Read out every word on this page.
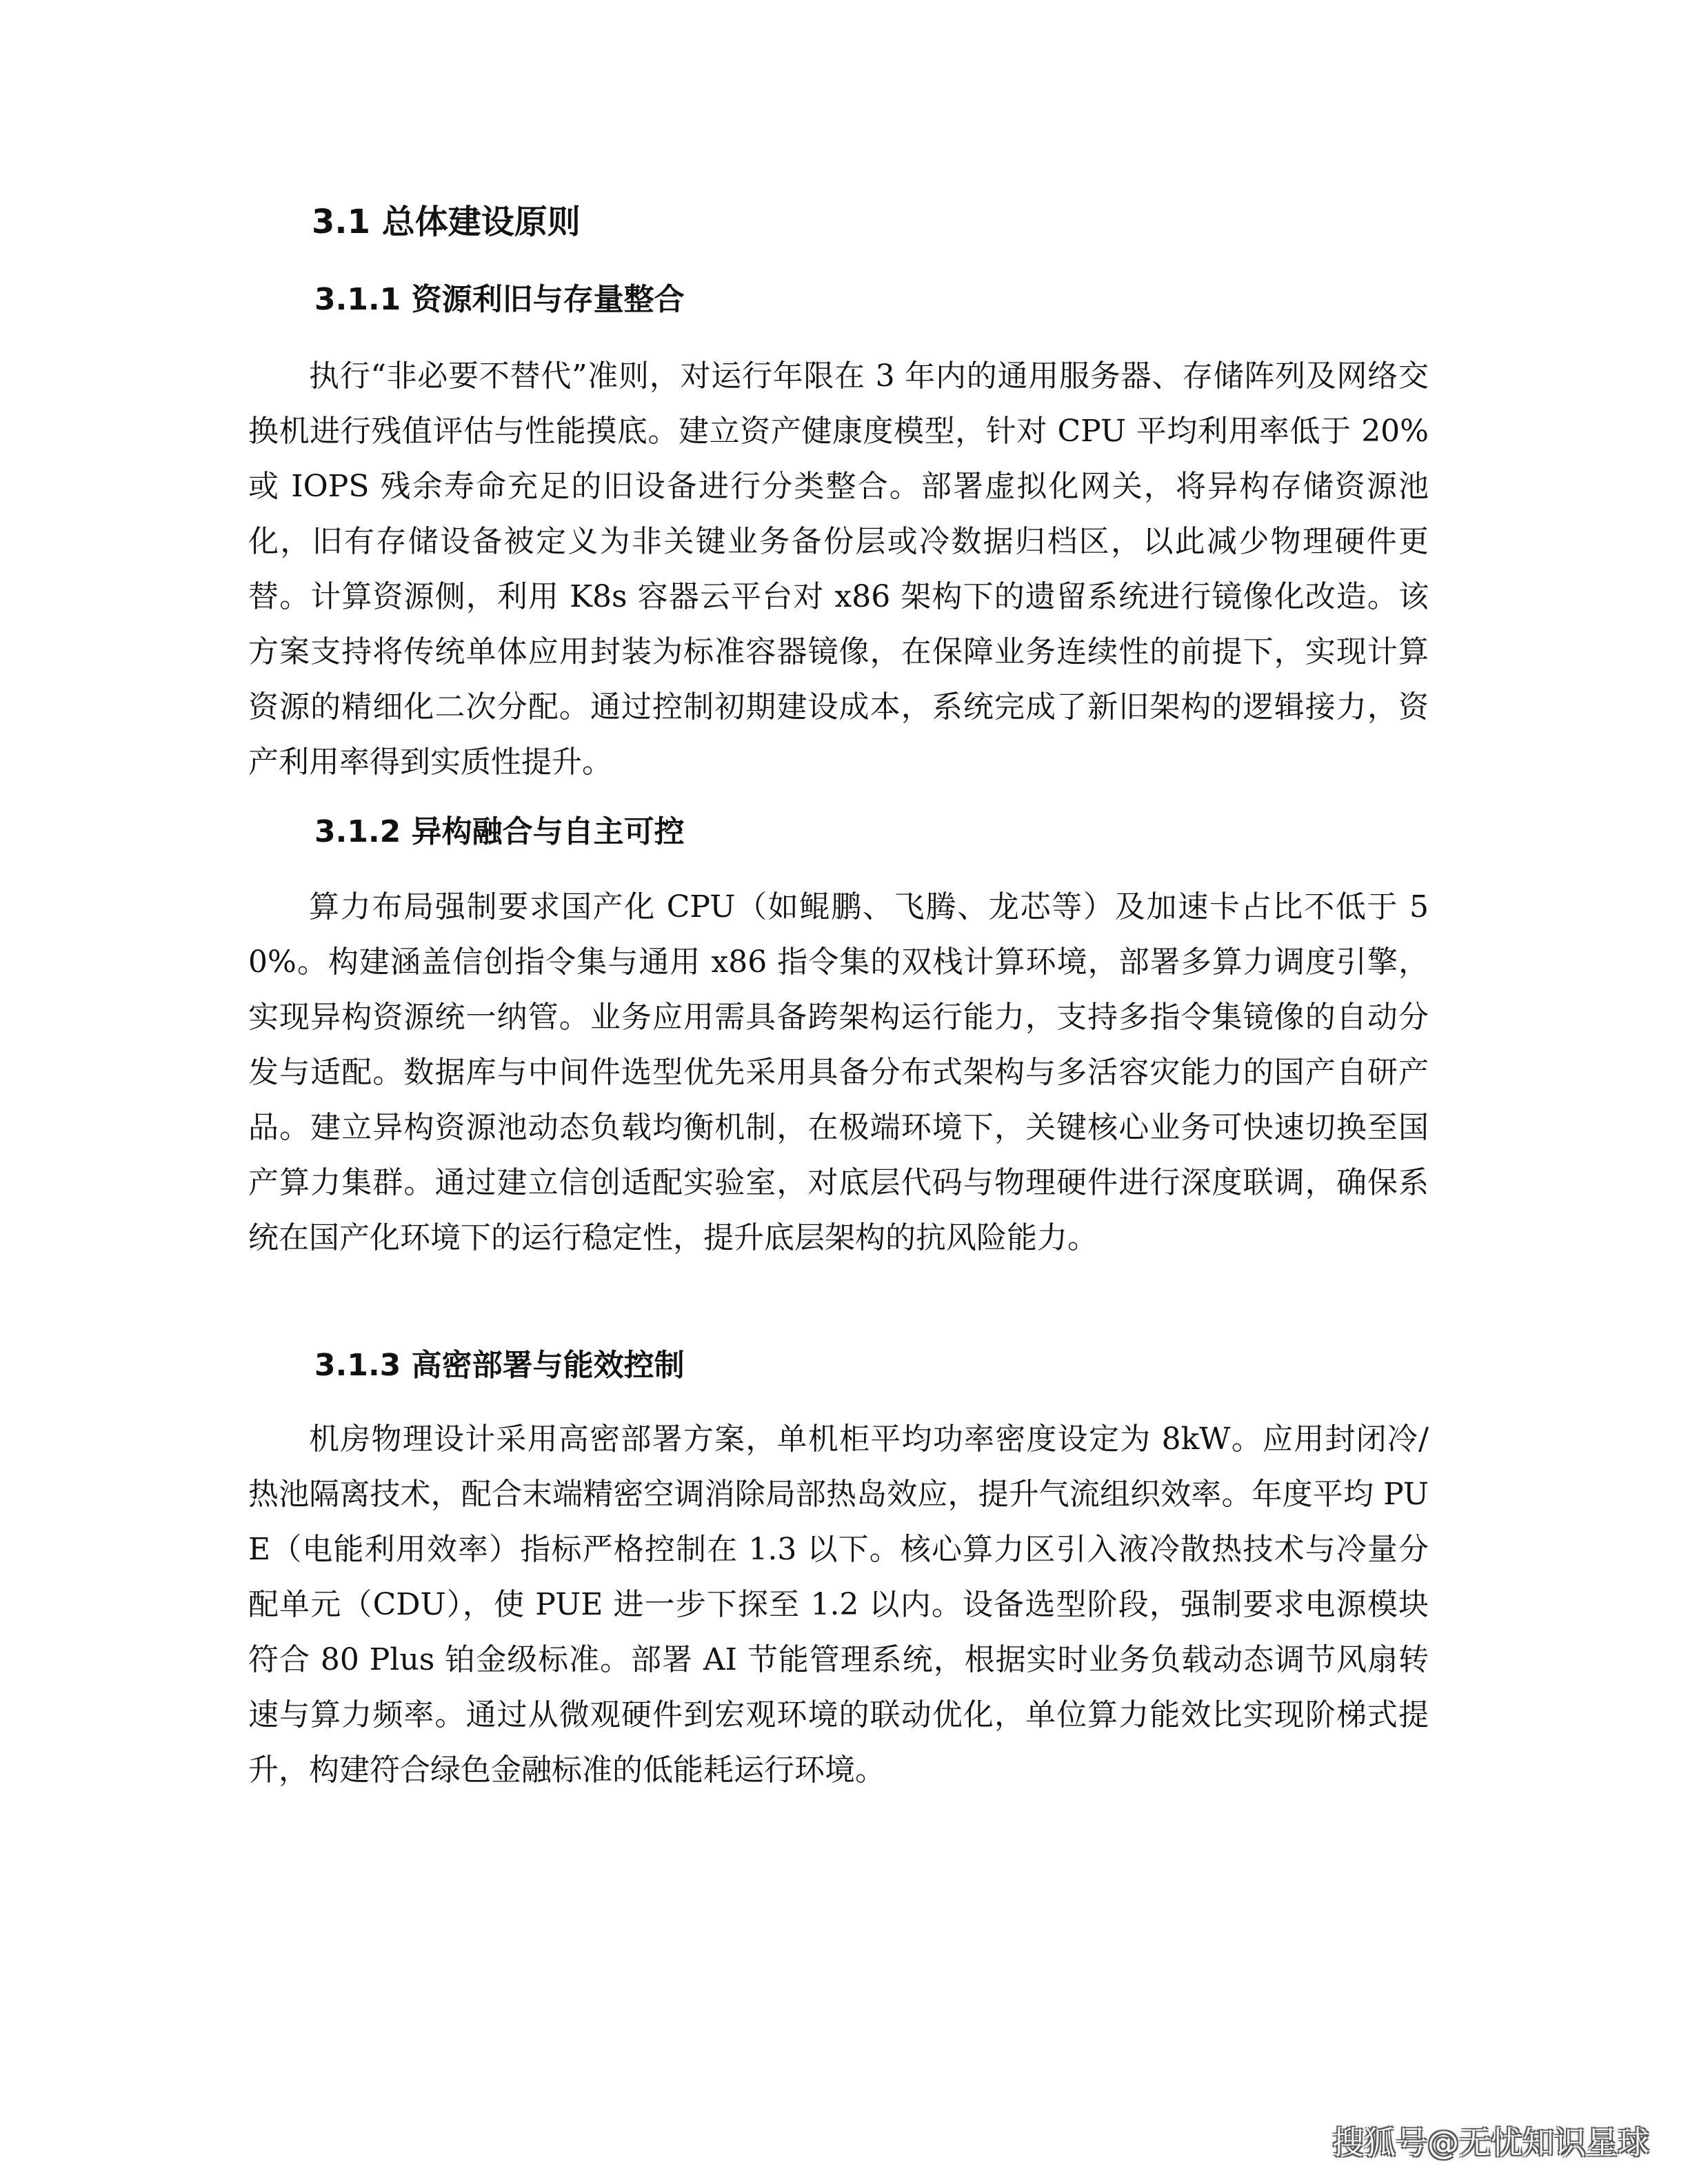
3.1 总体建设原则
3.1.1 资源利旧与存量整合

执行“非必要不替代”准则，对运行年限在 3 年内的通用服务器、存储阵列及网络交换机进行残值评估与性能摸底。建立资产健康度模型，针对 CPU 平均利用率低于 20%或 IOPS 残余寿命充足的旧设备进行分类整合。部署虚拟化网关，将异构存储资源池化，旧有存储设备被定义为非关键业务备份层或冷数据归档区，以此减少物理硬件更替。计算资源侧，利用 K8s 容器云平台对 x86 架构下的遗留系统进行镜像化改造。该方案支持将传统单体应用封装为标准容器镜像，在保障业务连续性的前提下，实现计算资源的精细化二次分配。通过控制初期建设成本，系统完成了新旧架构的逻辑接力，资产利用率得到实质性提升。

3.1.2 异构融合与自主可控

算力布局强制要求国产化 CPU（如鲲鹏、飞腾、龙芯等）及加速卡占比不低于 50%。构建涵盖信创指令集与通用 x86 指令集的双栈计算环境，部署多算力调度引擎，实现异构资源统一纳管。业务应用需具备跨架构运行能力，支持多指令集镜像的自动分发与适配。数据库与中间件选型优先采用具备分布式架构与多活容灾能力的国产自研产品。建立异构资源池动态负载均衡机制，在极端环境下，关键核心业务可快速切换至国产算力集群。通过建立信创适配实验室，对底层代码与物理硬件进行深度联调，确保系统在国产化环境下的运行稳定性，提升底层架构的抗风险能力。

3.1.3 高密部署与能效控制

机房物理设计采用高密部署方案，单机柜平均功率密度设定为 8kW。应用封闭冷/热池隔离技术，配合末端精密空调消除局部热岛效应，提升气流组织效率。年度平均 PUE（电能利用效率）指标严格控制在 1.3 以下。核心算力区引入液冷散热技术与冷量分配单元（CDU），使 PUE 进一步下探至 1.2 以内。设备选型阶段，强制要求电源模块符合 80 Plus 铂金级标准。部署 AI 节能管理系统，根据实时业务负载动态调节风扇转速与算力频率。通过从微观硬件到宏观环境的联动优化，单位算力能效比实现阶梯式提升，构建符合绿色金融标准的低能耗运行环境。

搜狐号@无忧知识星球
